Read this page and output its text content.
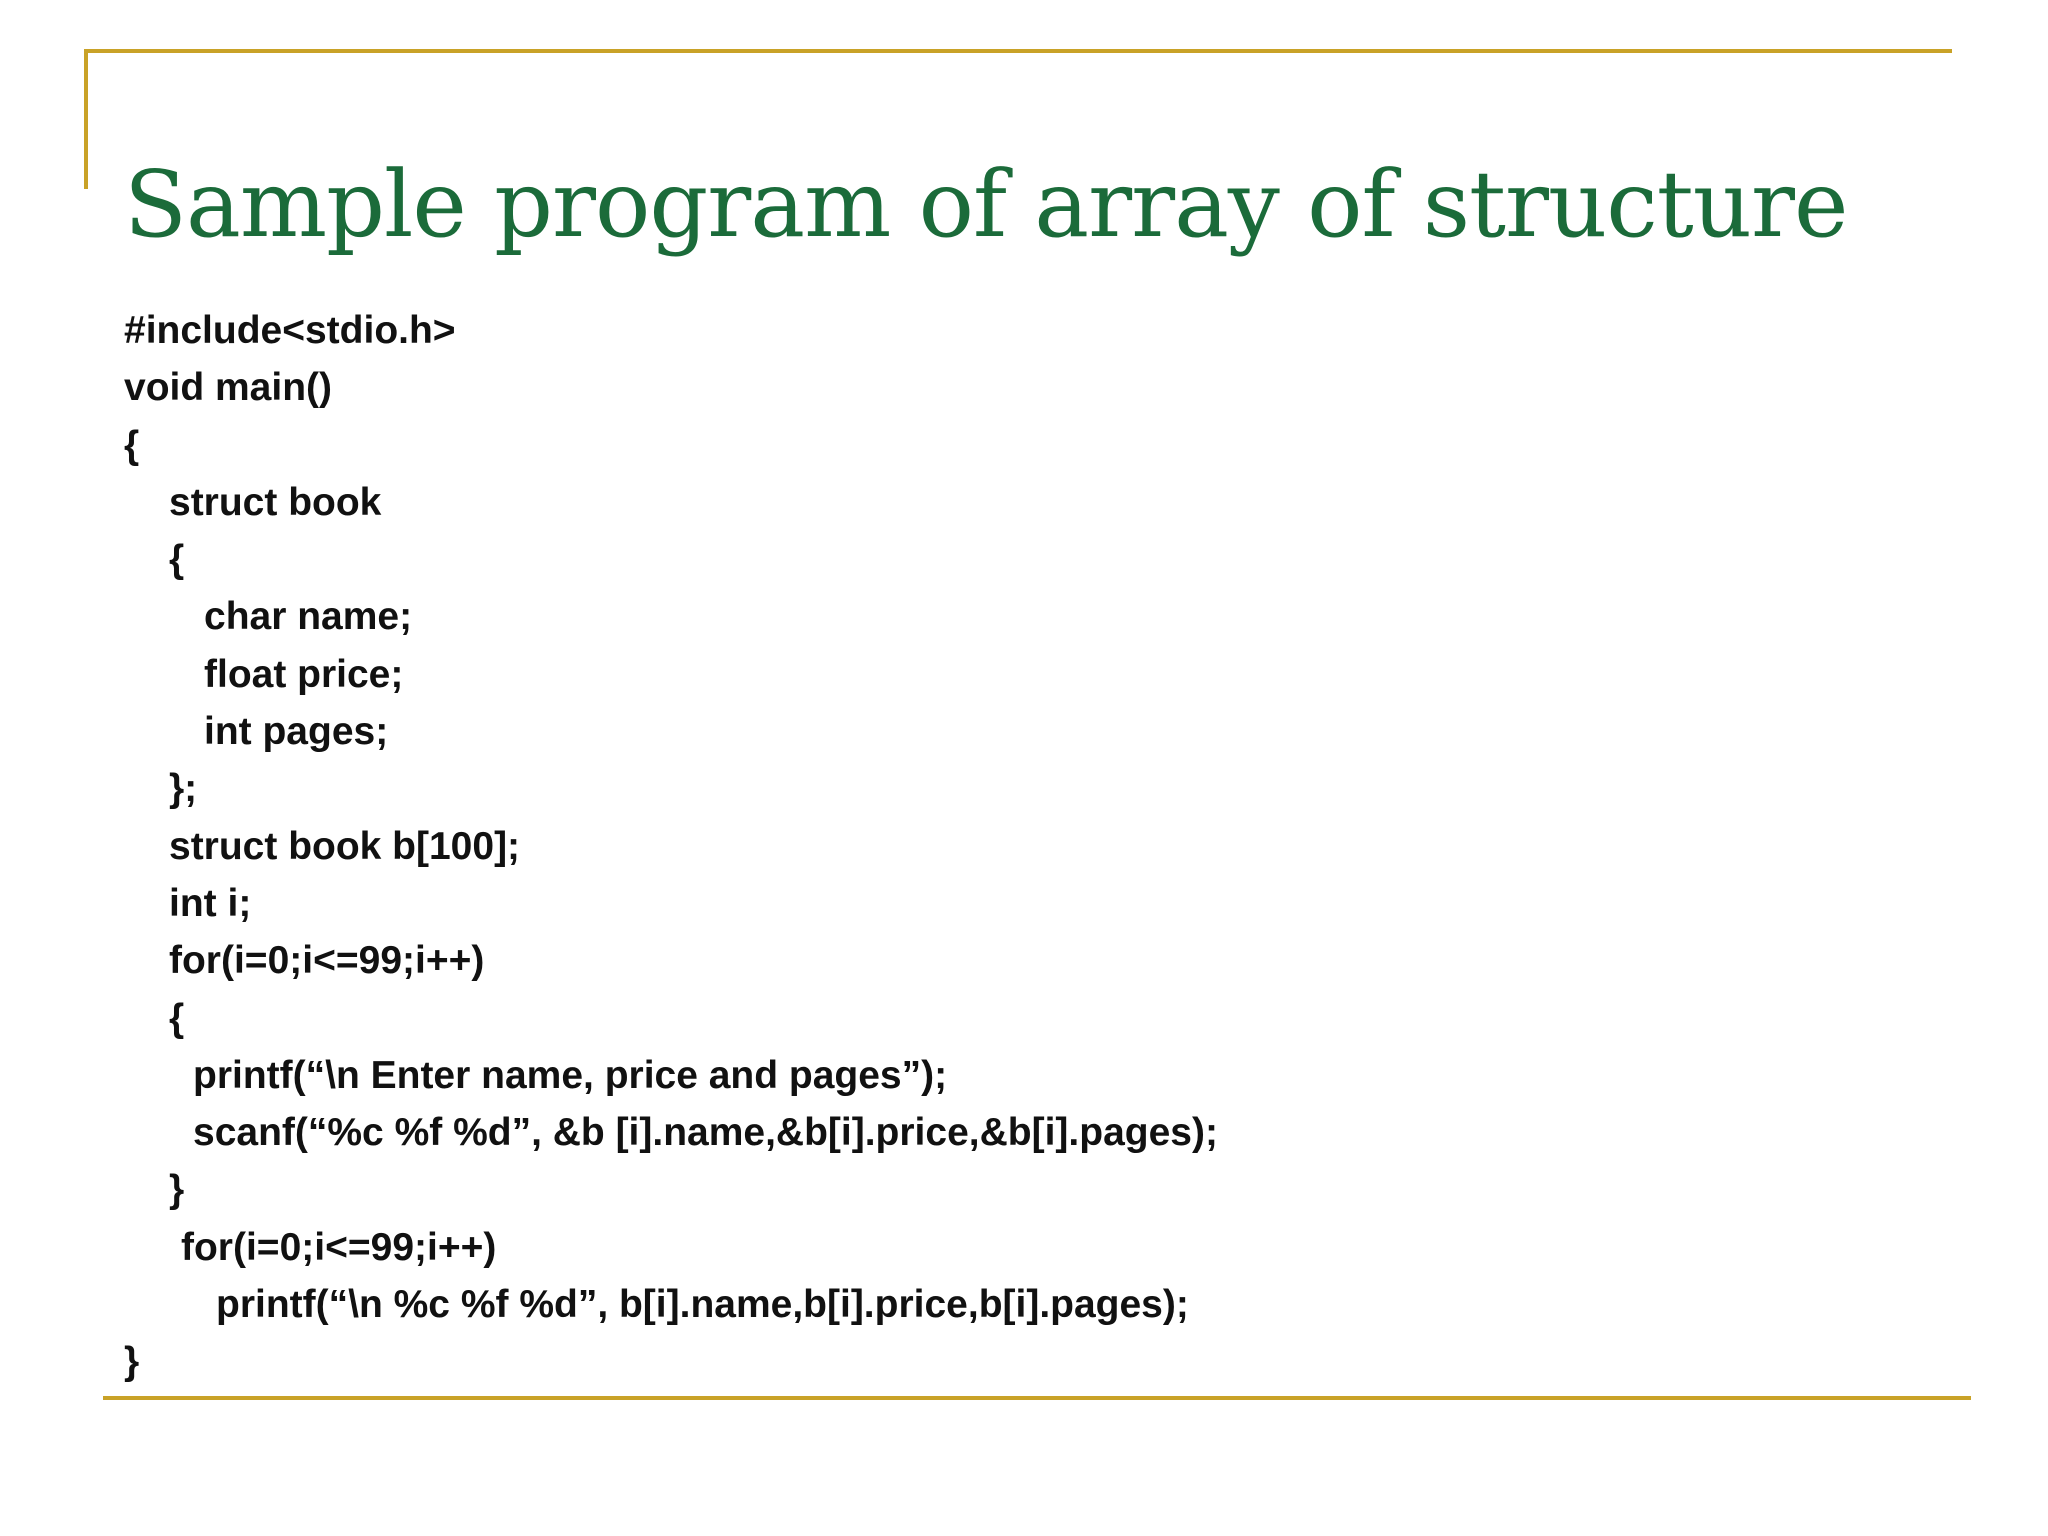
Sample program of array of structure
#include<stdio.h>
void main()
{
struct book
{
char name;
float price;
int pages;
};
struct book b[100];
int i;
for(i=0;i<=99;i++)
{
printf(“\n Enter name, price and pages”);
scanf(“%c %f %d”, &b [i].name,&b[i].price,&b[i].pages);
}
for(i=0;i<=99;i++)
printf(“\n %c %f %d”, b[i].name,b[i].price,b[i].pages);
}
